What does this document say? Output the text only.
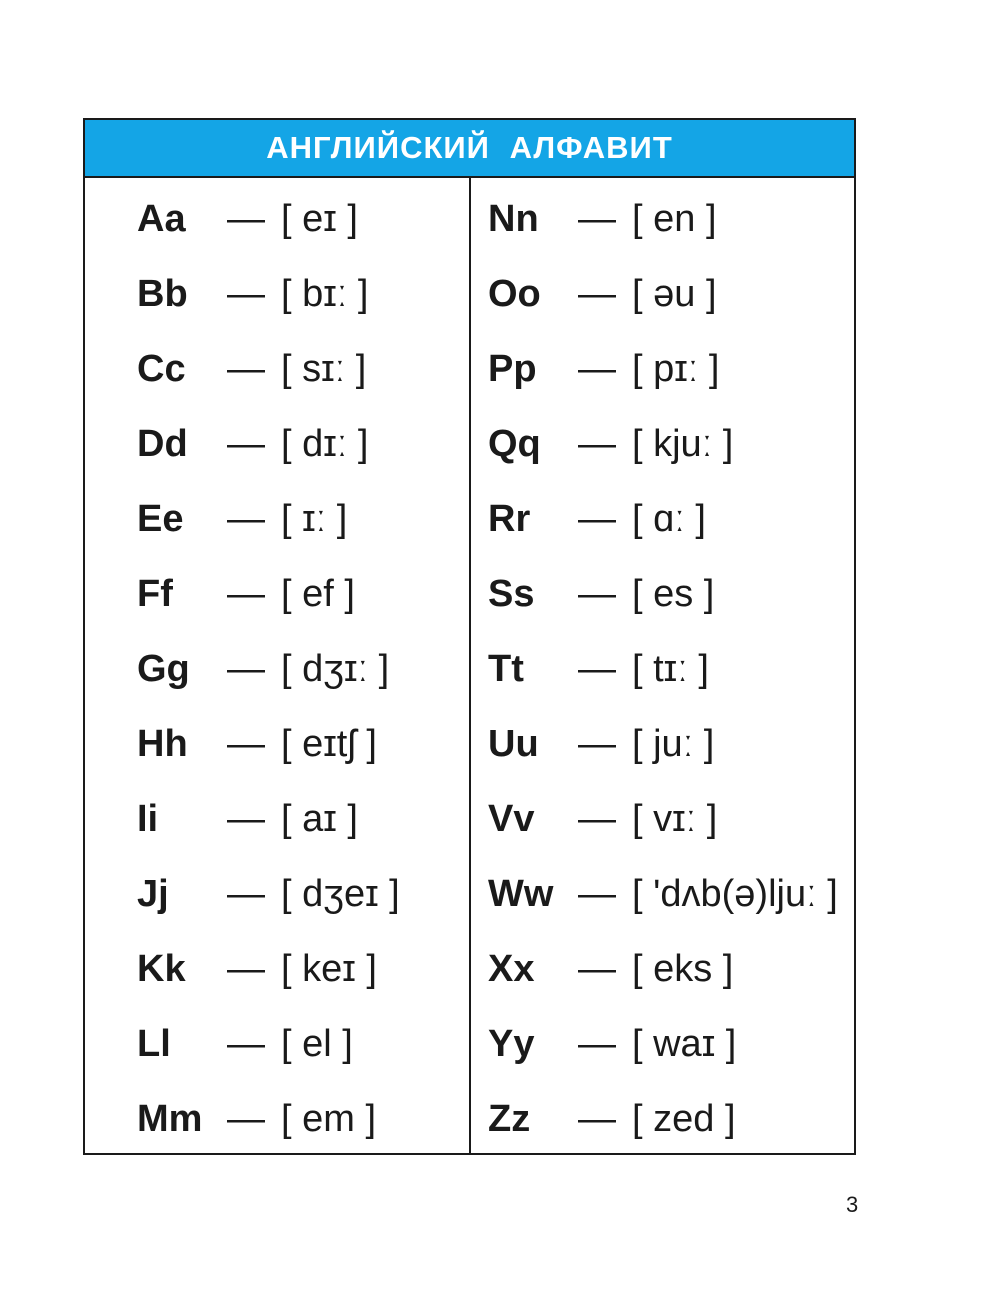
АНГЛИЙСКИЙ АЛФАВИТ
Aa	— [ eɪ ]
Bb	— [ bɪː ]
Cc	— [ sɪː ]
Dd	— [ dɪː ]
Ee	— [ ɪː ]
Ff	— [ ef ]
Gg — [ dʒɪː ]
Hh	— [ eɪtʃ ]
Ii	— [ aɪ ]
Jj	— [ dʒeɪ ]
Kk	— [ keɪ ]
Ll	— [ el ]
Mm — [ em ]
Nn	— [ en ]
Oo — [ əu ]
Pp	— [ pɪː ]
Qq — [ kjuː ]
Rr	— [ ɑː ]
Ss	— [ es ]
Tt	— [ tɪː ]
Uu	— [ juː ]
Vv	— [ vɪː ]
Ww — [ 'dʌb(ə)ljuː ]
Xx	— [ eks ]
Yy	— [ waɪ ]
Zz	— [ zed ]
3
